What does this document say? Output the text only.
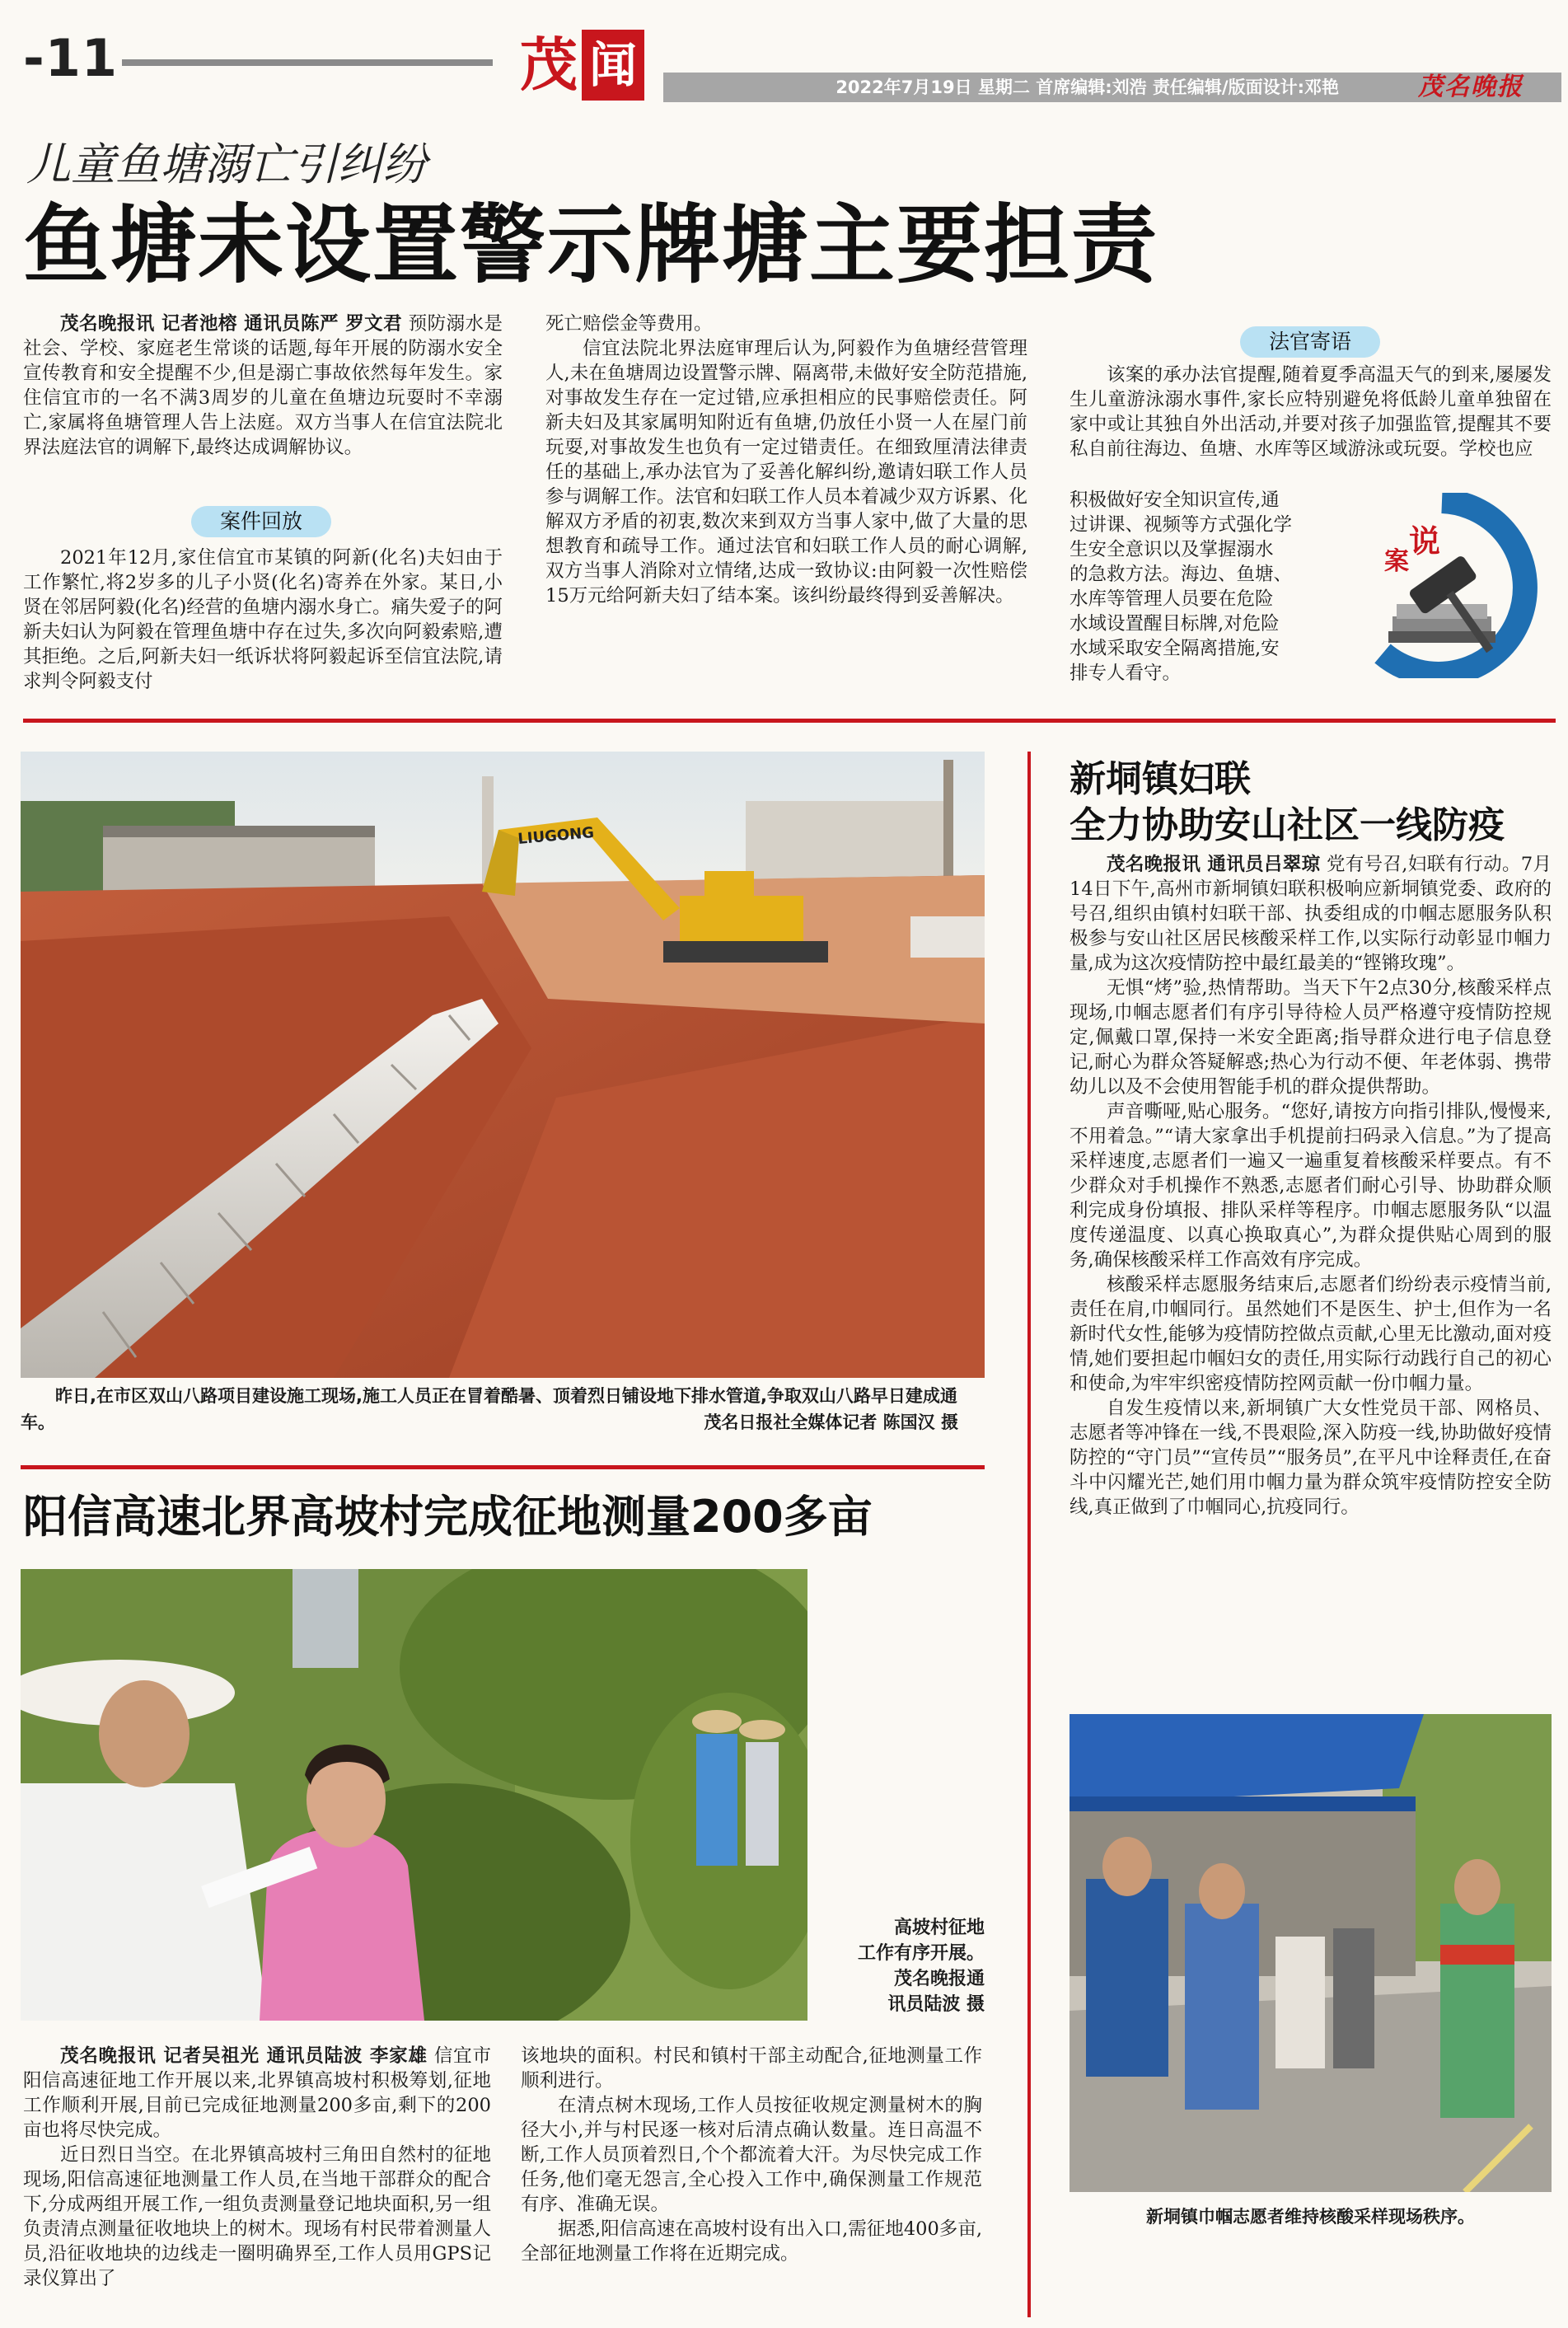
-11	茂 闻	2022年7月19日 星期二 首席编辑:刘浩 责任编辑/版面设计:邓艳	茂名晚报
儿童鱼塘溺亡引纠纷
鱼塘未设置警示牌塘主要担责

茂名晚报讯 记者池榕 通讯员陈严 罗文君 预防溺水是社会、学校、家庭老生常谈的话题,每年开展的防溺水安全宣传教育和安全提醒不少,但是溺亡事故依然每年发生。家住信宜市的一名不满3周岁的儿童在鱼塘边玩耍时不幸溺亡,家属将鱼塘管理人告上法庭。双方当事人在信宜法院北界法庭法官的调解下,最终达成调解协议。

案件回放

2021年12月,家住信宜市某镇的阿新(化名)夫妇由于工作繁忙,将2岁多的儿子小贤(化名)寄养在外家。某日,小贤在邻居阿毅(化名)经营的鱼塘内溺水身亡。痛失爱子的阿新夫妇认为阿毅在管理鱼塘中存在过失,多次向阿毅索赔,遭其拒绝。之后,阿新夫妇一纸诉状将阿毅起诉至信宜法院,请求判令阿毅支付

死亡赔偿金等费用。

信宜法院北界法庭审理后认为,阿毅作为鱼塘经营管理人,未在鱼塘周边设置警示牌、隔离带,未做好安全防范措施,对事故发生存在一定过错,应承担相应的民事赔偿责任。阿新夫妇及其家属明知附近有鱼塘,仍放任小贤一人在屋门前玩耍,对事故发生也负有一定过错责任。在细致厘清法律责任的基础上,承办法官为了妥善化解纠纷,邀请妇联工作人员参与调解工作。法官和妇联工作人员本着减少双方诉累、化解双方矛盾的初衷,数次来到双方当事人家中,做了大量的思想教育和疏导工作。通过法官和妇联工作人员的耐心调解,双方当事人消除对立情绪,达成一致协议:由阿毅一次性赔偿15万元给阿新夫妇了结本案。该纠纷最终得到妥善解决。

法官寄语

该案的承办法官提醒,随着夏季高温天气的到来,屡屡发生儿童游泳溺水事件,家长应特别避免将低龄儿童单独留在家中或让其独自外出活动,并要对孩子加强监管,提醒其不要私自前往海边、鱼塘、水库等区域游泳或玩耍。学校也应

积极做好安全知识宣传,通
过讲课、视频等方式强化学
生安全意识以及掌握溺水
的急救方法。海边、鱼塘、
水库等管理人员要在危险
水域设置醒目标牌,对危险
水域采取安全隔离措施,安
排专人看守。
案
说
LIUGONG
昨日,在市区双山八路项目建设施工现场,施工人员正在冒着酷暑、顶着烈日铺设地下排水管道,争取双山八路早日建成通车。	茂名日报社全媒体记者 陈国汉 摄
阳信高速北界高坡村完成征地测量200多亩
高坡村征地
工作有序开展。
茂名晚报通
讯员陆波 摄

茂名晚报讯 记者吴祖光 通讯员陆波 李家雄 信宜市阳信高速征地工作开展以来,北界镇高坡村积极筹划,征地工作顺利开展,目前已完成征地测量200多亩,剩下的200亩也将尽快完成。

近日烈日当空。在北界镇高坡村三角田自然村的征地现场,阳信高速征地测量工作人员,在当地干部群众的配合下,分成两组开展工作,一组负责测量登记地块面积,另一组负责清点测量征收地块上的树木。现场有村民带着测量人员,沿征收地块的边线走一圈明确界至,工作人员用GPS记录仪算出了

该地块的面积。村民和镇村干部主动配合,征地测量工作顺利进行。

在清点树木现场,工作人员按征收规定测量树木的胸径大小,并与村民逐一核对后清点确认数量。连日高温不断,工作人员顶着烈日,个个都流着大汗。为尽快完成工作任务,他们毫无怨言,全心投入工作中,确保测量工作规范有序、准确无误。

据悉,阳信高速在高坡村设有出入口,需征地400多亩,全部征地测量工作将在近期完成。

新垌镇妇联
全力协助安山社区一线防疫

茂名晚报讯 通讯员吕翠琼 党有号召,妇联有行动。7月14日下午,高州市新垌镇妇联积极响应新垌镇党委、政府的号召,组织由镇村妇联干部、执委组成的巾帼志愿服务队积极参与安山社区居民核酸采样工作,以实际行动彰显巾帼力量,成为这次疫情防控中最红最美的“铿锵玫瑰”。

无惧“烤”验,热情帮助。当天下午2点30分,核酸采样点现场,巾帼志愿者们有序引导待检人员严格遵守疫情防控规定,佩戴口罩,保持一米安全距离;指导群众进行电子信息登记,耐心为群众答疑解惑;热心为行动不便、年老体弱、携带幼儿以及不会使用智能手机的群众提供帮助。

声音嘶哑,贴心服务。“您好,请按方向指引排队,慢慢来,不用着急。”“请大家拿出手机提前扫码录入信息。”为了提高采样速度,志愿者们一遍又一遍重复着核酸采样要点。有不少群众对手机操作不熟悉,志愿者们耐心引导、协助群众顺利完成身份填报、排队采样等程序。巾帼志愿服务队“以温度传递温度、以真心换取真心”,为群众提供贴心周到的服务,确保核酸采样工作高效有序完成。

核酸采样志愿服务结束后,志愿者们纷纷表示疫情当前,责任在肩,巾帼同行。虽然她们不是医生、护士,但作为一名新时代女性,能够为疫情防控做点贡献,心里无比激动,面对疫情,她们要担起巾帼妇女的责任,用实际行动践行自己的初心和使命,为牢牢织密疫情防控网贡献一份巾帼力量。

自发生疫情以来,新垌镇广大女性党员干部、网格员、志愿者等冲锋在一线,不畏艰险,深入防疫一线,协助做好疫情防控的“守门员”“宣传员”“服务员”,在平凡中诠释责任,在奋斗中闪耀光芒,她们用巾帼力量为群众筑牢疫情防控安全防线,真正做到了巾帼同心,抗疫同行。

新垌镇巾帼志愿者维持核酸采样现场秩序。
